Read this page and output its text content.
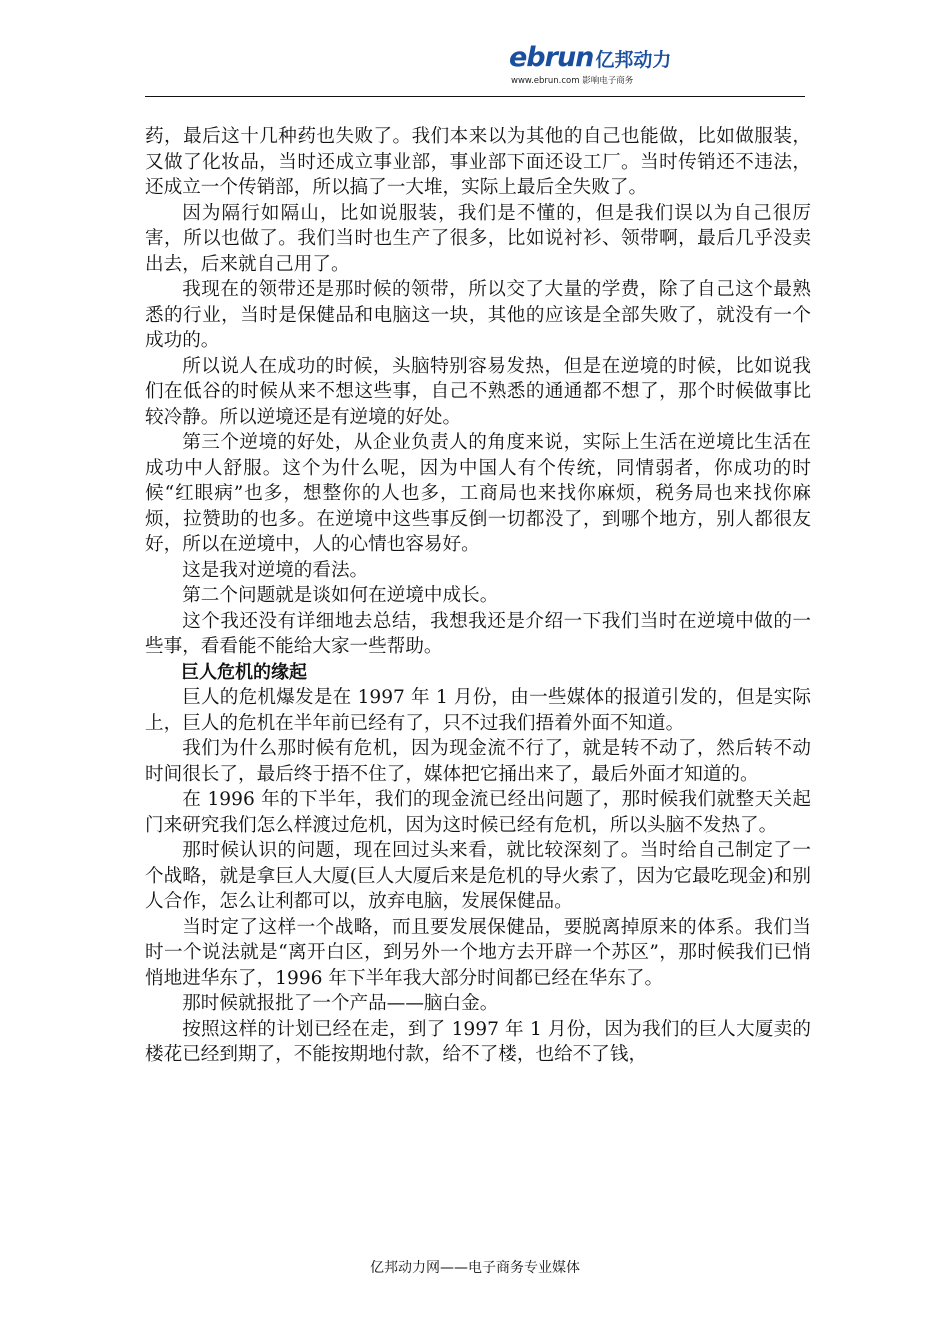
ebrun 亿邦动力
www.ebrun.com 影响电子商务

药，最后这十几种药也失败了。我们本来以为其他的自己也能做，比如做服装，又做了化妆品，当时还成立事业部，事业部下面还设工厂。当时传销还不违法，还成立一个传销部，所以搞了一大堆，实际上最后全失败了。

因为隔行如隔山，比如说服装，我们是不懂的，但是我们误以为自己很厉害，所以也做了。我们当时也生产了很多，比如说衬衫、领带啊，最后几乎没卖出去，后来就自己用了。

我现在的领带还是那时候的领带，所以交了大量的学费，除了自己这个最熟悉的行业，当时是保健品和电脑这一块，其他的应该是全部失败了，就没有一个成功的。

所以说人在成功的时候，头脑特别容易发热，但是在逆境的时候，比如说我们在低谷的时候从来不想这些事，自己不熟悉的通通都不想了，那个时候做事比较冷静。所以逆境还是有逆境的好处。

第三个逆境的好处，从企业负责人的角度来说，实际上生活在逆境比生活在成功中人舒服。这个为什么呢，因为中国人有个传统，同情弱者，你成功的时候“红眼病”也多，想整你的人也多，工商局也来找你麻烦，税务局也来找你麻烦，拉赞助的也多。在逆境中这些事反倒一切都没了，到哪个地方，别人都很友好，所以在逆境中，人的心情也容易好。

这是我对逆境的看法。

第二个问题就是谈如何在逆境中成长。

这个我还没有详细地去总结，我想我还是介绍一下我们当时在逆境中做的一些事，看看能不能给大家一些帮助。

巨人危机的缘起

巨人的危机爆发是在 1997 年 1 月份，由一些媒体的报道引发的，但是实际上，巨人的危机在半年前已经有了，只不过我们捂着外面不知道。

我们为什么那时候有危机，因为现金流不行了，就是转不动了，然后转不动时间很长了，最后终于捂不住了，媒体把它捅出来了，最后外面才知道的。

在 1996 年的下半年，我们的现金流已经出问题了，那时候我们就整天关起门来研究我们怎么样渡过危机，因为这时候已经有危机，所以头脑不发热了。

那时候认识的问题，现在回过头来看，就比较深刻了。当时给自己制定了一个战略，就是拿巨人大厦(巨人大厦后来是危机的导火索了，因为它最吃现金)和别人合作，怎么让利都可以，放弃电脑，发展保健品。

当时定了这样一个战略，而且要发展保健品，要脱离掉原来的体系。我们当时一个说法就是“离开白区，到另外一个地方去开辟一个苏区”，那时候我们已悄悄地进华东了，1996 年下半年我大部分时间都已经在华东了。

那时候就报批了一个产品——脑白金。

按照这样的计划已经在走，到了 1997 年 1 月份，因为我们的巨人大厦卖的楼花已经到期了，不能按期地付款，给不了楼，也给不了钱，

亿邦动力网——电子商务专业媒体
